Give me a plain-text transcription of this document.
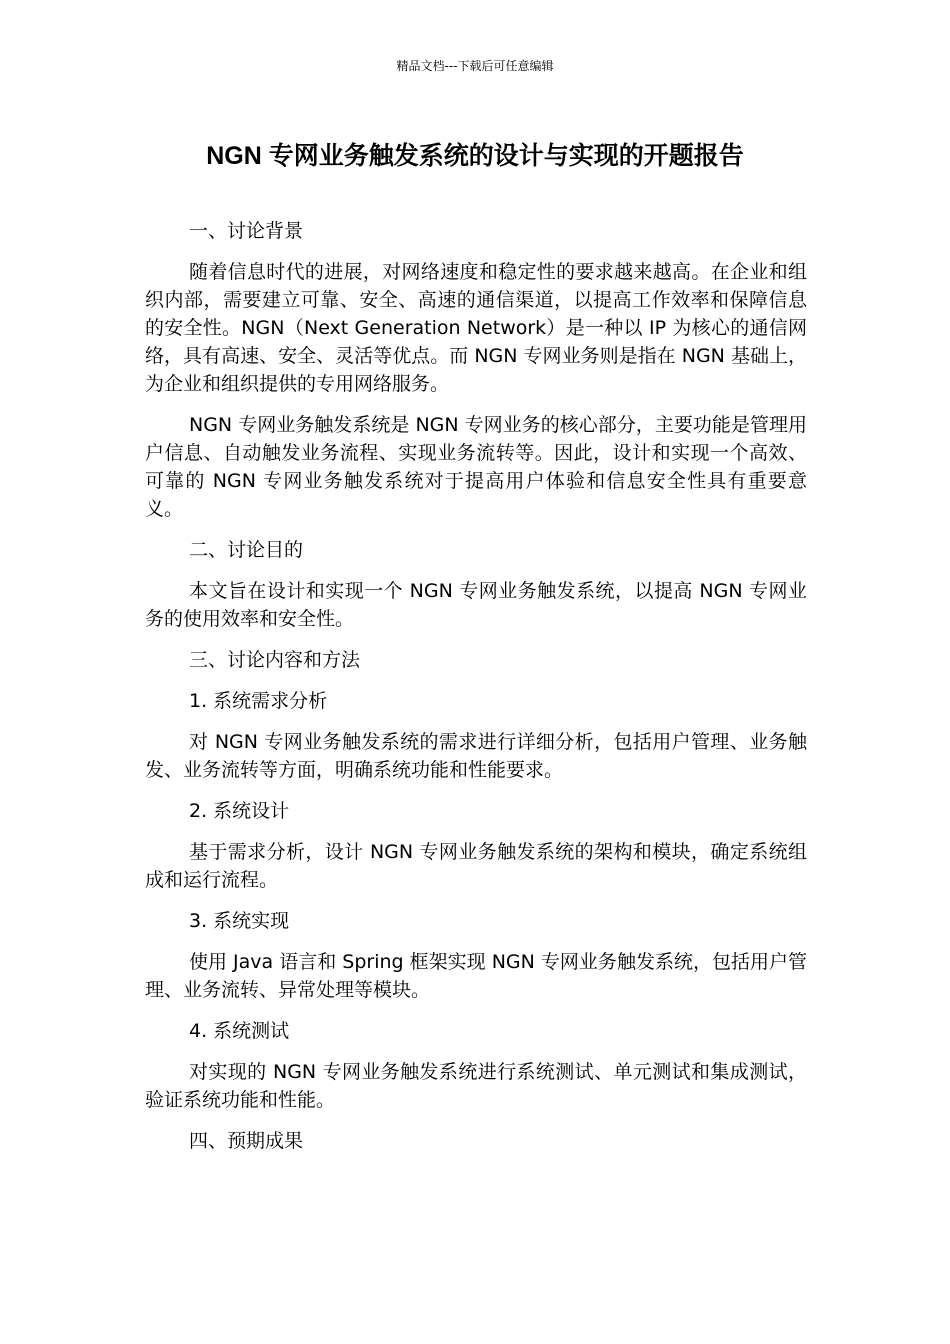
精品文档---下载后可任意编辑
NGN 专网业务触发系统的设计与实现的开题报告

一、讨论背景

随着信息时代的进展，对网络速度和稳定性的要求越来越高。在企业和组织内部，需要建立可靠、安全、高速的通信渠道，以提高工作效率和保障信息的安全性。NGN（Next Generation Network）是一种以 IP 为核心的通信网络，具有高速、安全、灵活等优点。而 NGN 专网业务则是指在 NGN 基础上，为企业和组织提供的专用网络服务。

NGN 专网业务触发系统是 NGN 专网业务的核心部分，主要功能是管理用户信息、自动触发业务流程、实现业务流转等。因此，设计和实现一个高效、可靠的 NGN 专网业务触发系统对于提高用户体验和信息安全性具有重要意义。

二、讨论目的

本文旨在设计和实现一个 NGN 专网业务触发系统，以提高 NGN 专网业务的使用效率和安全性。

三、讨论内容和方法

1. 系统需求分析

对 NGN 专网业务触发系统的需求进行详细分析，包括用户管理、业务触发、业务流转等方面，明确系统功能和性能要求。

2. 系统设计

基于需求分析，设计 NGN 专网业务触发系统的架构和模块，确定系统组成和运行流程。

3. 系统实现

使用 Java 语言和 Spring 框架实现 NGN 专网业务触发系统，包括用户管理、业务流转、异常处理等模块。

4. 系统测试

对实现的 NGN 专网业务触发系统进行系统测试、单元测试和集成测试，验证系统功能和性能。

四、预期成果
